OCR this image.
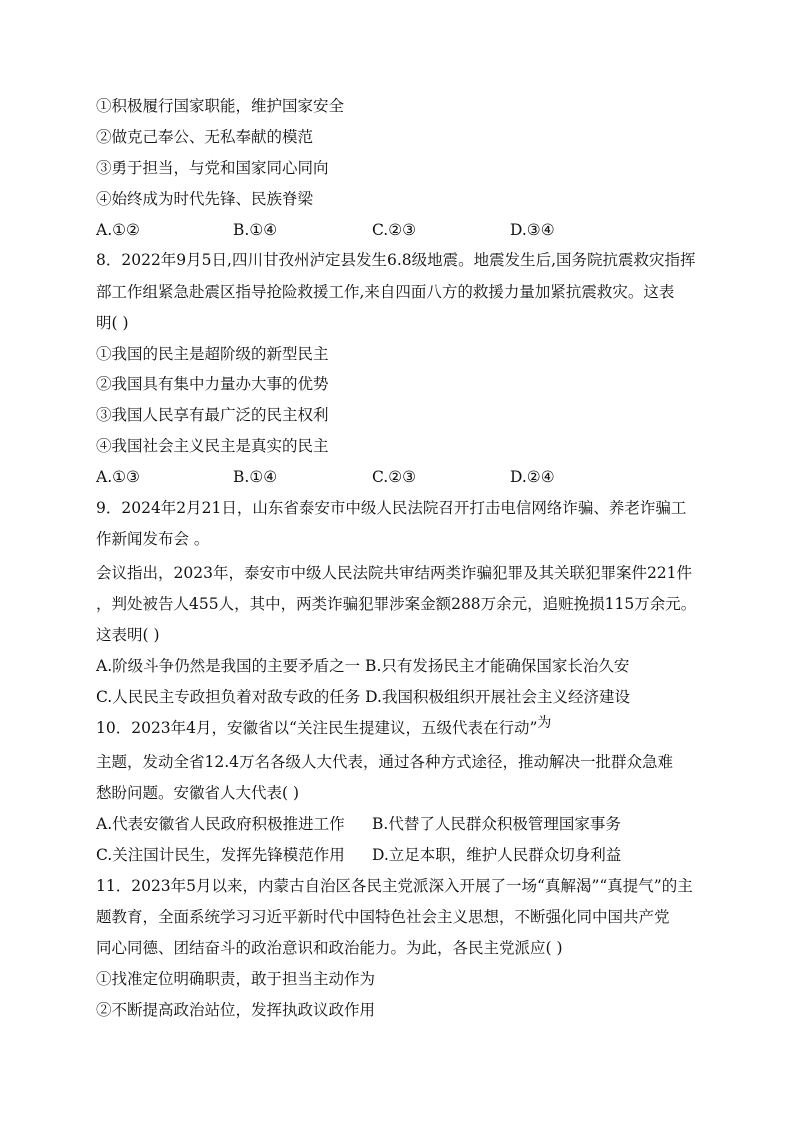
①积极履行国家职能，维护国家安全
②做克己奉公、无私奉献的模范
③勇于担当，与党和国家同心同向
④始终成为时代先锋、民族脊梁
A.①②	B.①④	C.②③	D.③④
8．2022年9月5日,四川甘孜州泸定县发生6.8级地震。地震发生后,国务院抗震救灾指挥
部工作组紧急赴震区指导抢险救援工作,来自四面八方的救援力量加紧抗震救灾。这表
明( )
①我国的民主是超阶级的新型民主
②我国具有集中力量办大事的优势
③我国人民享有最广泛的民主权利
④我国社会主义民主是真实的民主
A.①③	B.①④	C.②③	D.②④
9．2024年2月21日，山东省泰安市中级人民法院召开打击电信网络诈骗、养老诈骗工
作新闻发布会 。
会议指出，2023年，泰安市中级人民法院共审结两类诈骗犯罪及其关联犯罪案件221件
，判处被告人455人，其中，两类诈骗犯罪涉案金额288万余元，追赃挽损115万余元。
这表明( )
A.阶级斗争仍然是我国的主要矛盾之一 B.只有发扬民主才能确保国家长治久安
C.人民民主专政担负着对敌专政的任务 D.我国积极组织开展社会主义经济建设
10．2023年4月，安徽省以“关注民生提建议，五级代表在行动”为
主题，发动全省12.4万名各级人大代表，通过各种方式途径，推动解决一批群众急难
愁盼问题。安徽省人大代表( )
A.代表安徽省人民政府积极推进工作 B.代替了人民群众积极管理国家事务
C.关注国计民生，发挥先锋模范作用 D.立足本职，维护人民群众切身利益
11．2023年5月以来，内蒙古自治区各民主党派深入开展了一场“真解渴”“真提气”的主
题教育，全面系统学习习近平新时代中国特色社会主义思想，不断强化同中国共产党
同心同德、团结奋斗的政治意识和政治能力。为此，各民主党派应( )
①找准定位明确职责，敢于担当主动作为
②不断提高政治站位，发挥执政议政作用
